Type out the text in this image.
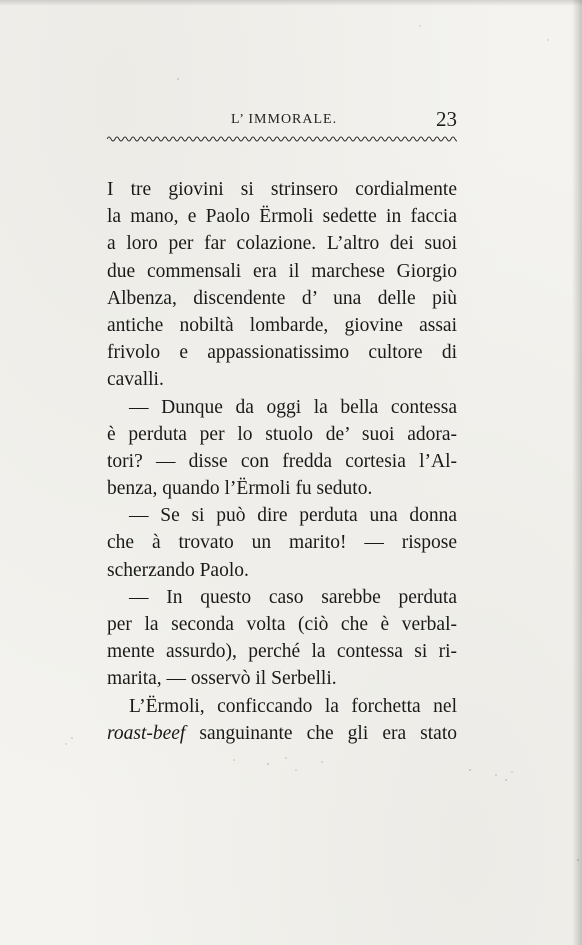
L’ IMMORALE.	23
I tre giovini si strinsero cordialmente
la mano, e Paolo Ërmoli sedette in faccia
a loro per far colazione. L’altro dei suoi
due commensali era il marchese Giorgio
Albenza, discendente d’ una delle più
antiche nobiltà lombarde, giovine assai
frivolo e appassionatissimo cultore di
cavalli.
— Dunque da oggi la bella contessa
è perduta per lo stuolo de’ suoi adora-
tori? — disse con fredda cortesia l’Al-
benza, quando l’Ërmoli fu seduto.
— Se si può dire perduta una donna
che à trovato un marito! — rispose
scherzando Paolo.
— In questo caso sarebbe perduta
per la seconda volta (ciò che è verbal-
mente assurdo), perché la contessa si ri-
marita, — osservò il Serbelli.
L’Ërmoli, conficcando la forchetta nel
roast-beef sanguinante che gli era stato
